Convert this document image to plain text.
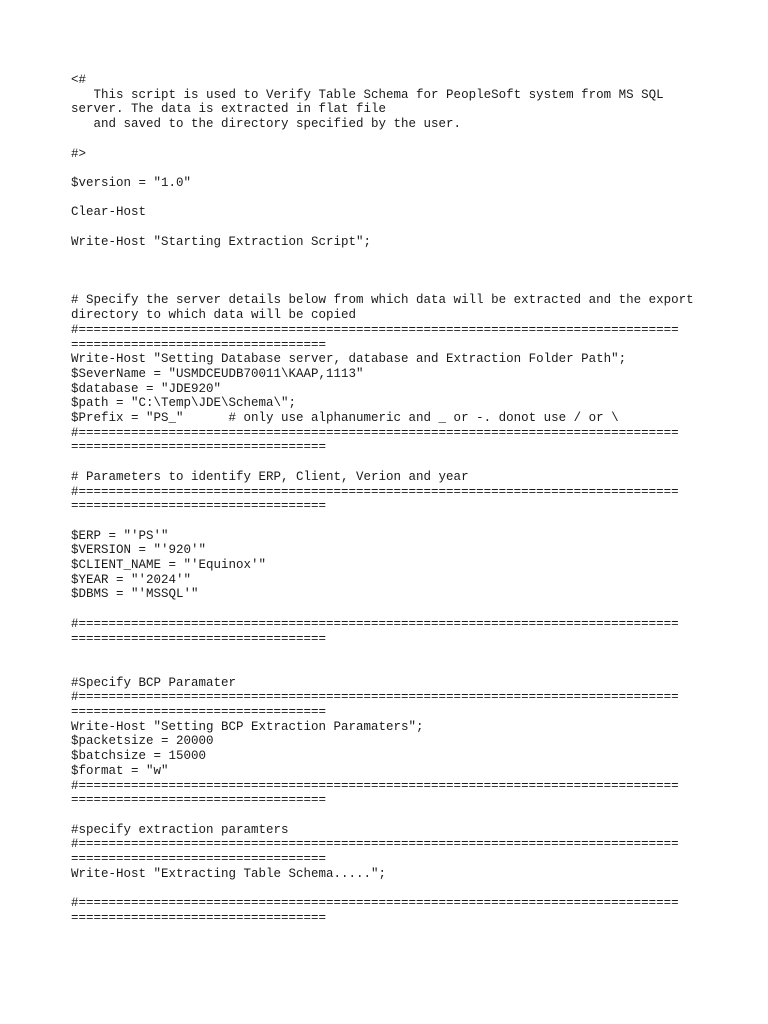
<#
This script is used to Verify Table Schema for PeopleSoft system from MS SQL
server. The data is extracted in flat file
and saved to the directory specified by the user.
#>
$version = "1.0"
Clear-Host
Write-Host "Starting Extraction Script";
# Specify the server details below from which data will be extracted and the export
directory to which data will be copied
#================================================================================
==================================
Write-Host "Setting Database server, database and Extraction Folder Path";
$SeverName = "USMDCEUDB70011\KAAP,1113"
$database = "JDE920"
$path = "C:\Temp\JDE\Schema\";
$Prefix = "PS_"      # only use alphanumeric and _ or -. donot use / or \
#================================================================================
==================================
# Parameters to identify ERP, Client, Verion and year
#================================================================================
==================================
$ERP = "'PS'"
$VERSION = "'920'"
$CLIENT_NAME = "'Equinox'"
$YEAR = "'2024'"
$DBMS = "'MSSQL'"
#================================================================================
==================================
#Specify BCP Paramater
#================================================================================
==================================
Write-Host "Setting BCP Extraction Paramaters";
$packetsize = 20000
$batchsize = 15000
$format = "w"
#================================================================================
==================================
#specify extraction paramters
#================================================================================
==================================
Write-Host "Extracting Table Schema.....";
#================================================================================
==================================
